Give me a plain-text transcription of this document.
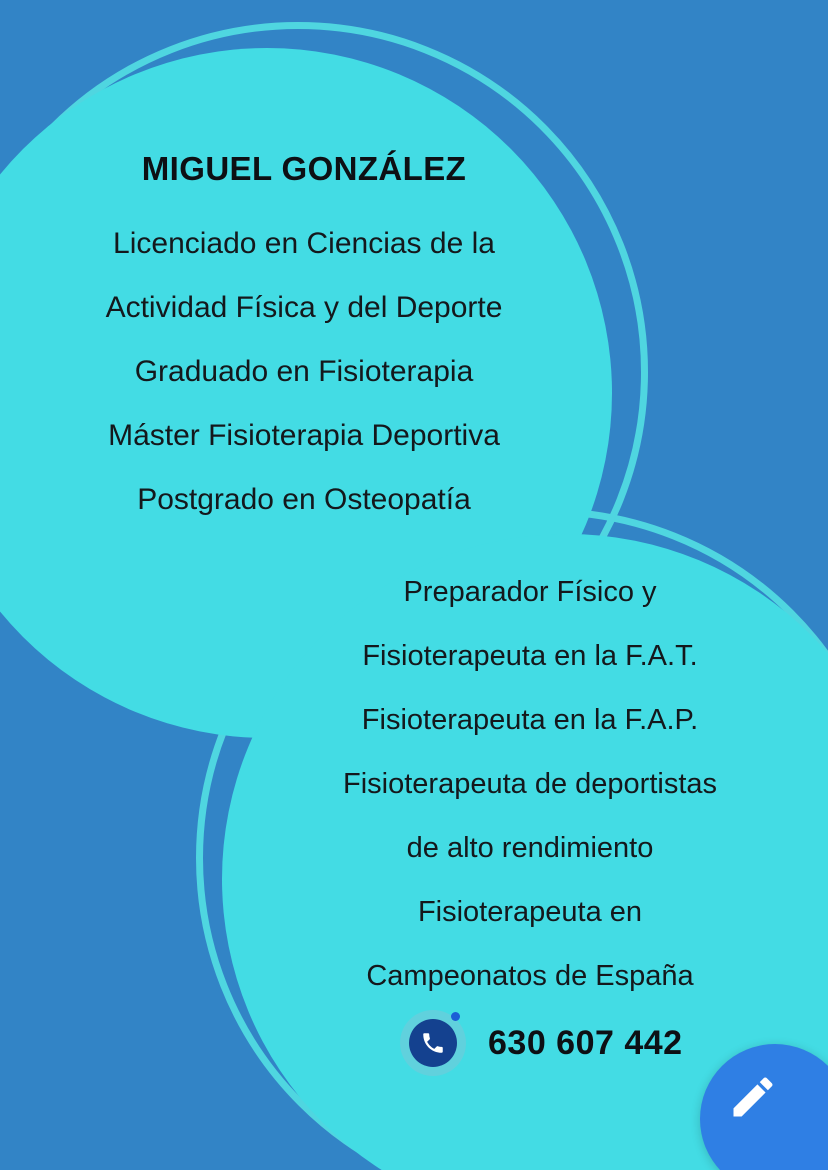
MIGUEL GONZÁLEZ
Licenciado en Ciencias de la
Actividad Física y del Deporte
Graduado en Fisioterapia
Máster Fisioterapia Deportiva
Postgrado en Osteopatía
Preparador Físico y
Fisioterapeuta en la F.A.T.
Fisioterapeuta en la F.A.P.
Fisioterapeuta de deportistas
de alto rendimiento
Fisioterapeuta en
Campeonatos de España
630 607 442
